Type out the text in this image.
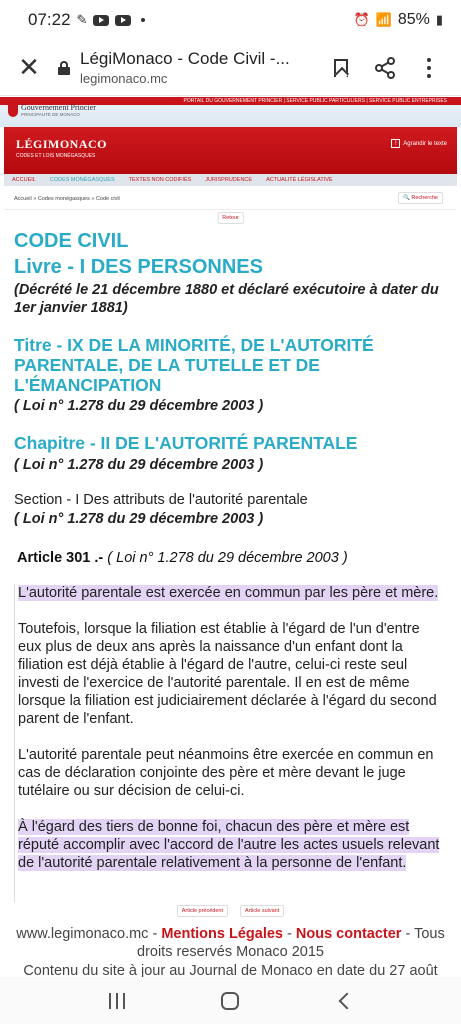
07:22 ✎	⏰ 📶 85% ▮
✕ LégiMonaco - Code Civil -...
legimonaco.mc
PORTAIL DU GOUVERNEMENT PRINCIER | SERVICE PUBLIC PARTICULIERS | SERVICE PUBLIC ENTREPRISES
Gouvernement Princier
PRINCIPAUTÉ DE MONACO
LÉGIMONACO
CODES ET LOIS MONÉGASQUES
!	Agrandir le texte
ACCUEIL	CODES MONÉGASQUES	TEXTES NON CODIFIÉS	JURISPRUDENCE	ACTUALITÉ LÉGISLATIVE
Accueil » Codes monégasques » Code civil	🔍 Recherche
Retour
CODE CIVIL
Livre - I DES PERSONNES
(Décrété le 21 décembre 1880 et déclaré exécutoire à dater du 1er janvier 1881)
Titre - IX DE LA MINORITÉ, DE L'AUTORITÉ PARENTALE, DE LA TUTELLE ET DE L'ÉMANCIPATION
( Loi n° 1.278 du 29 décembre 2003 )
Chapitre - II DE L'AUTORITÉ PARENTALE
( Loi n° 1.278 du 29 décembre 2003 )
Section - I Des attributs de l'autorité parentale
( Loi n° 1.278 du 29 décembre 2003 )
Article 301 .- ( Loi n° 1.278 du 29 décembre 2003 )
L'autorité parentale est exercée en commun par les père et mère.
Toutefois, lorsque la filiation est établie à l'égard de l'un d'entre eux plus de deux ans après la naissance d'un enfant dont la filiation est déjà établie à l'égard de l'autre, celui-ci reste seul investi de l'exercice de l'autorité parentale. Il en est de même lorsque la filiation est judiciairement déclarée à l'égard du second parent de l'enfant.
L'autorité parentale peut néanmoins être exercée en commun en cas de déclaration conjointe des père et mère devant le juge tutélaire ou sur décision de celui-ci.
À l'égard des tiers de bonne foi, chacun des père et mère est réputé accomplir avec l'accord de l'autre les actes usuels relevant de l'autorité parentale relativement à la personne de l'enfant.
Article précédent	Article suivant
www.legimonaco.mc - Mentions Légales - Nous contacter - Tous droits reservés Monaco 2015
Contenu du site à jour au Journal de Monaco en date du 27 août
